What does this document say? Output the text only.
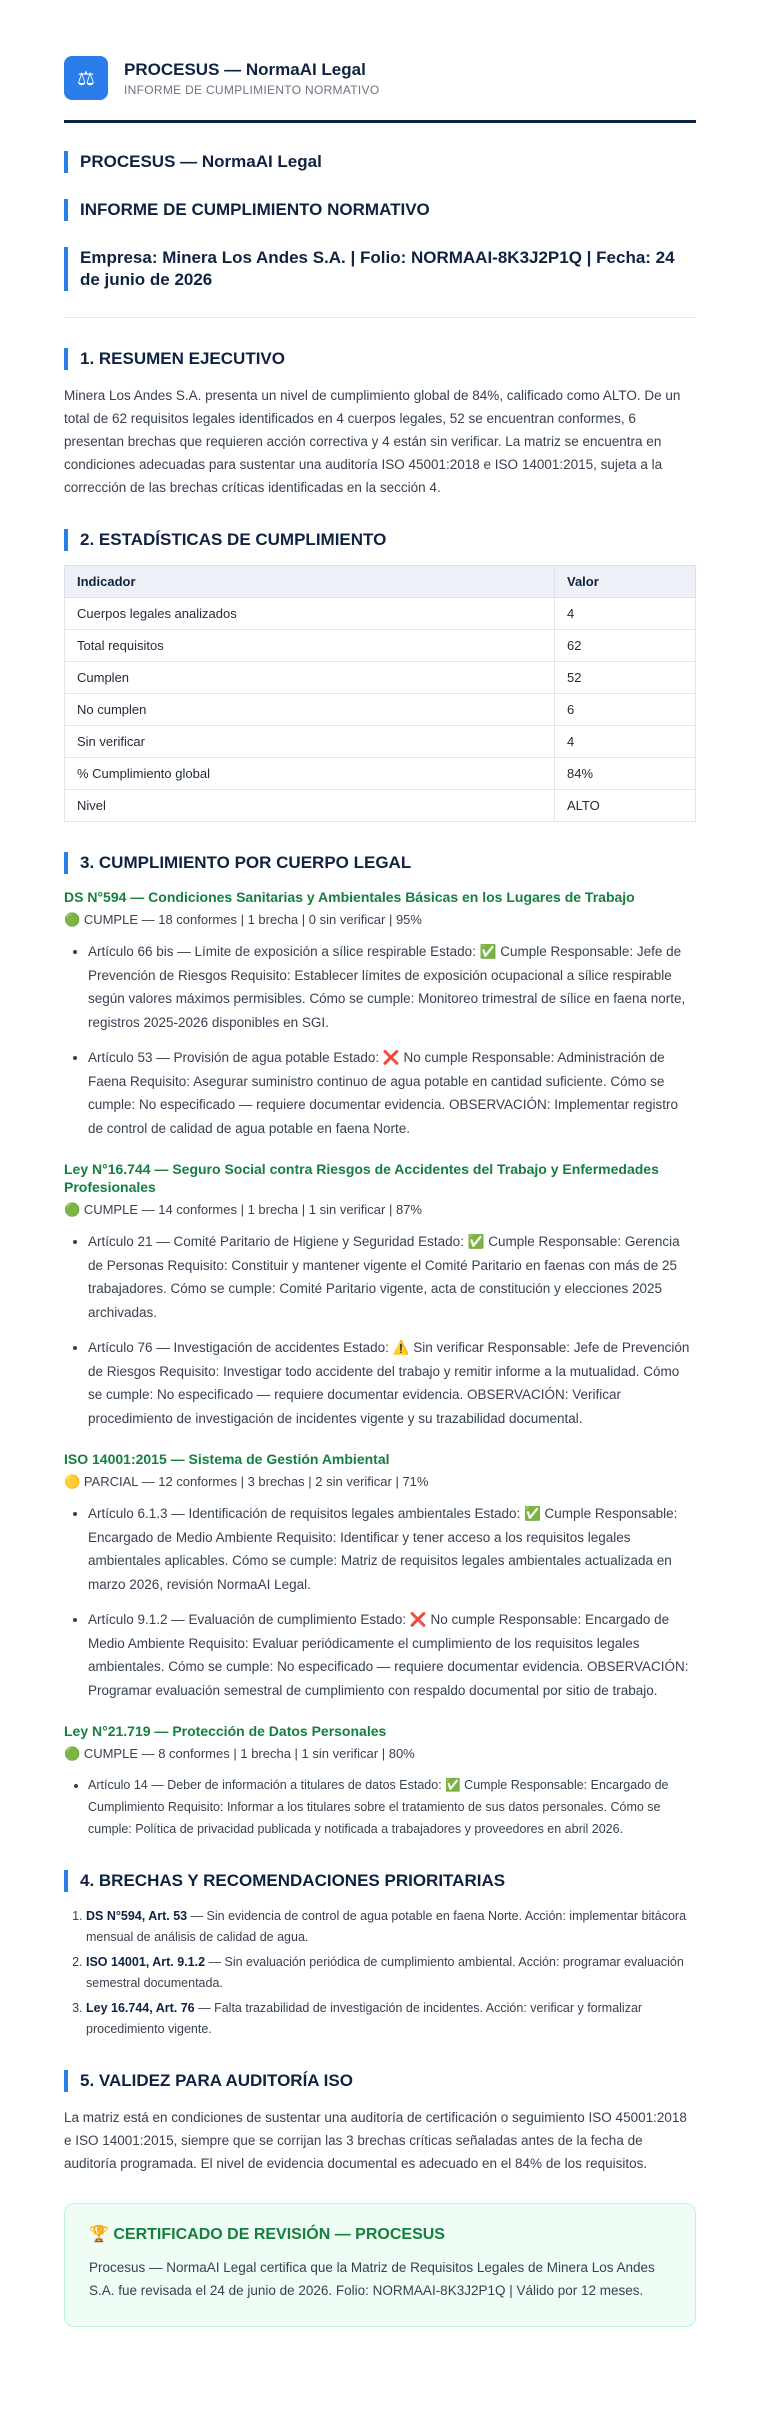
⚖	PROCESUS — NormaAI Legal
INFORME DE CUMPLIMIENTO NORMATIVO
PROCESUS — NormaAI Legal
INFORME DE CUMPLIMIENTO NORMATIVO
Empresa: Minera Los Andes S.A. | Folio: NORMAAI-8K3J2P1Q | Fecha: 24 de junio de 2026
1. RESUMEN EJECUTIVO

Minera Los Andes S.A. presenta un nivel de cumplimiento global de 84%, calificado como ALTO. De un total de 62 requisitos legales identificados en 4 cuerpos legales, 52 se encuentran conformes, 6 presentan brechas que requieren acción correctiva y 4 están sin verificar. La matriz se encuentra en condiciones adecuadas para sustentar una auditoría ISO 45001:2018 e ISO 14001:2015, sujeta a la corrección de las brechas críticas identificadas en la sección 4.

2. ESTADÍSTICAS DE CUMPLIMIENTO
Indicador	Valor
Cuerpos legales analizados	4
Total requisitos	62
Cumplen	52
No cumplen	6
Sin verificar	4
% Cumplimiento global	84%
Nivel	ALTO
3. CUMPLIMIENTO POR CUERPO LEGAL
DS N°594 — Condiciones Sanitarias y Ambientales Básicas en los Lugares de Trabajo
🟢 CUMPLE — 18 conformes | 1 brecha | 0 sin verificar | 95%
• Artículo 66 bis — Límite de exposición a sílice respirable Estado: ✅ Cumple Responsable: Jefe de Prevención de Riesgos Requisito: Establecer límites de exposición ocupacional a sílice respirable según valores máximos permisibles. Cómo se cumple: Monitoreo trimestral de sílice en faena norte, registros 2025-2026 disponibles en SGI.
• Artículo 53 — Provisión de agua potable Estado: ❌ No cumple Responsable: Administración de Faena Requisito: Asegurar suministro continuo de agua potable en cantidad suficiente. Cómo se cumple: No especificado — requiere documentar evidencia. OBSERVACIÓN: Implementar registro de control de calidad de agua potable en faena Norte.
Ley N°16.744 — Seguro Social contra Riesgos de Accidentes del Trabajo y Enfermedades Profesionales
🟢 CUMPLE — 14 conformes | 1 brecha | 1 sin verificar | 87%
• Artículo 21 — Comité Paritario de Higiene y Seguridad Estado: ✅ Cumple Responsable: Gerencia de Personas Requisito: Constituir y mantener vigente el Comité Paritario en faenas con más de 25 trabajadores. Cómo se cumple: Comité Paritario vigente, acta de constitución y elecciones 2025 archivadas.
• Artículo 76 — Investigación de accidentes Estado: ⚠️ Sin verificar Responsable: Jefe de Prevención de Riesgos Requisito: Investigar todo accidente del trabajo y remitir informe a la mutualidad. Cómo se cumple: No especificado — requiere documentar evidencia. OBSERVACIÓN: Verificar procedimiento de investigación de incidentes vigente y su trazabilidad documental.
ISO 14001:2015 — Sistema de Gestión Ambiental
🟡 PARCIAL — 12 conformes | 3 brechas | 2 sin verificar | 71%
• Artículo 6.1.3 — Identificación de requisitos legales ambientales Estado: ✅ Cumple Responsable: Encargado de Medio Ambiente Requisito: Identificar y tener acceso a los requisitos legales ambientales aplicables. Cómo se cumple: Matriz de requisitos legales ambientales actualizada en marzo 2026, revisión NormaAI Legal.
• Artículo 9.1.2 — Evaluación de cumplimiento Estado: ❌ No cumple Responsable: Encargado de Medio Ambiente Requisito: Evaluar periódicamente el cumplimiento de los requisitos legales ambientales. Cómo se cumple: No especificado — requiere documentar evidencia. OBSERVACIÓN: Programar evaluación semestral de cumplimiento con respaldo documental por sitio de trabajo.
Ley N°21.719 — Protección de Datos Personales
🟢 CUMPLE — 8 conformes | 1 brecha | 1 sin verificar | 80%
• Artículo 14 — Deber de información a titulares de datos Estado: ✅ Cumple Responsable: Encargado de Cumplimiento Requisito: Informar a los titulares sobre el tratamiento de sus datos personales. Cómo se cumple: Política de privacidad publicada y notificada a trabajadores y proveedores en abril 2026.
4. BRECHAS Y RECOMENDACIONES PRIORITARIAS
1. DS N°594, Art. 53 — Sin evidencia de control de agua potable en faena Norte. Acción: implementar bitácora mensual de análisis de calidad de agua.
2. ISO 14001, Art. 9.1.2 — Sin evaluación periódica de cumplimiento ambiental. Acción: programar evaluación semestral documentada.
3. Ley 16.744, Art. 76 — Falta trazabilidad de investigación de incidentes. Acción: verificar y formalizar procedimiento vigente.
5. VALIDEZ PARA AUDITORÍA ISO

La matriz está en condiciones de sustentar una auditoría de certificación o seguimiento ISO 45001:2018 e ISO 14001:2015, siempre que se corrijan las 3 brechas críticas señaladas antes de la fecha de auditoría programada. El nivel de evidencia documental es adecuado en el 84% de los requisitos.

🏆 CERTIFICADO DE REVISIÓN — PROCESUS

Procesus — NormaAI Legal certifica que la Matriz de Requisitos Legales de Minera Los Andes S.A. fue revisada el 24 de junio de 2026. Folio: NORMAAI-8K3J2P1Q | Válido por 12 meses.
